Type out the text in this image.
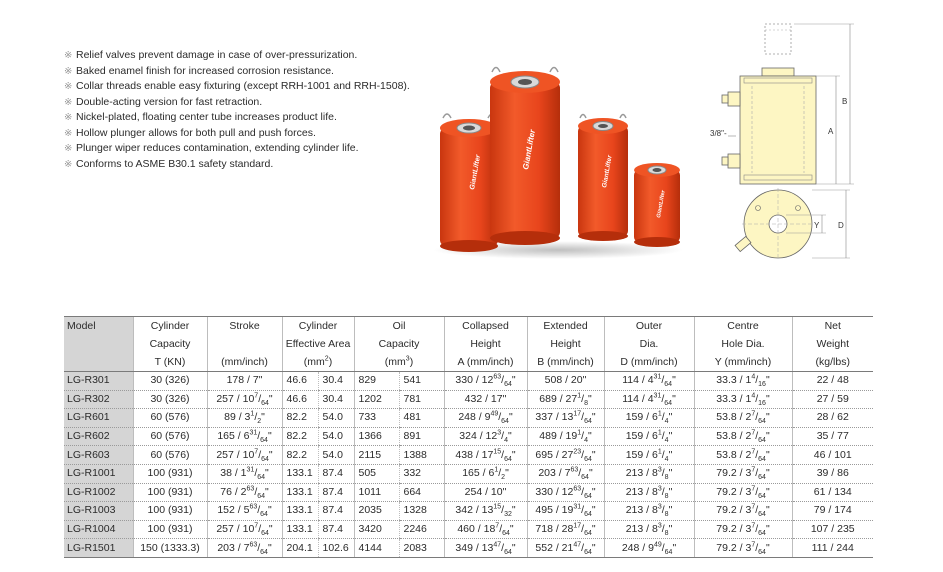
※ Relief valves prevent damage in case of over-pressurization.
※ Baked enamel finish for increased corrosion resistance.
※ Collar threads enable easy fixturing (except RRH-1001 and RRH-1508).
※ Double-acting version for fast retraction.
※ Nickel-plated, floating center tube increases product life.
※ Hollow plunger allows for both pull and push forces.
※ Plunger wiper reduces contamination, extending cylinder life.
※ Conforms to ASME B30.1 safety standard.	GiantLifter
GiantLifter
GiantLifter
GiantLifter
A
B
3/8"-
Y D
Model	Cylinder	Stroke	Cylinder		Oil		Collapsed	Extended	Outer	Centre	Net
	Capacity		Effective Area		Capacity		Height	Height	Dia.	Hole Dia.	Weight
	T (KN)	(mm/inch)	$(mm^2)$		$(mm^3)$		A (mm/inch)	B (mm/inch)	D (mm/inch)	Y (mm/inch)	(kg/lbs)
LG-R301	30 (326)	178 / 7"	46.6	30.4	829	541	$330 / 12^{63}/_{64}$"	508 / 20"	$114 / 4^{31}/_{64}$"	$33.3 / 1^4/_{16}$"	22 / 48
LG-R302	30 (326)	$257 / 10^7/_{64}$"	46.6	30.4	1202	781	432 / 17"	$689 / 27^1/_8$"	$114 / 4^{31}/_{64}$"	$33.3 / 1^4/_{16}$"	27 / 59
LG-R601	60 (576)	$89 / 3^1/_2$"	82.2	54.0	733	481	$248 / 9^{49}/_{64}$"	$337 / 13^{17}/_{64}$"	$159 / 6^1/_4$"	$53.8 / 2^7/_{64}$"	28 / 62
LG-R602	60 (576)	$165 / 6^{31}/_{64}$"	82.2	54.0	1366	891	$324 / 12^3/_4$"	$489 / 19^1/_4$"	$159 / 6^1/_4$"	$53.8 / 2^7/_{64}$"	35 / 77
LG-R603	60 (576)	$257 / 10^7/_{64}$"	82.2	54.0	2115	1388	$438 / 17^{15}/_{64}$"	$695 / 27^{23}/_{64}$"	$159 / 6^1/_4$"	$53.8 / 2^7/_{64}$"	46 / 101
LG-R1001	100 (931)	$38 / 1^{31}/_{64}$"	133.1	87.4	505	332	$165 / 6^1/_2$"	$203 / 7^{63}/_{64}$"	$213 / 8^3/_8$"	$79.2 / 3^7/_{64}$"	39 / 86
LG-R1002	100 (931)	$76 / 2^{63}/_{64}$"	133.1	87.4	1011	664	254 / 10"	$330 / 12^{63}/_{64}$"	$213 / 8^3/_8$"	$79.2 / 3^7/_{64}$"	61 / 134
LG-R1003	100 (931)	$152 / 5^{63}/_{64}$"	133.1	87.4	2035	1328	$342 / 13^{15}/_{32}$"	$495 / 19^{31}/_{64}$"	$213 / 8^3/_8$"	$79.2 / 3^7/_{64}$"	79 / 174
LG-R1004	100 (931)	$257 / 10^7/_{64}$"	133.1	87.4	3420	2246	$460 / 18^7/_{64}$"	$718 / 28^{17}/_{64}$"	$213 / 8^3/_8$"	$79.2 / 3^7/_{64}$"	107 / 235
LG-R1501	150 (1333.3)	$203 / 7^{63}/_{64}$"	204.1	102.6	4144	2083	$349 / 13^{47}/_{64}$"	$552 / 21^{47}/_{64}$"	$248 / 9^{49}/_{64}$"	$79.2 / 3^7/_{64}$"	111 / 244
